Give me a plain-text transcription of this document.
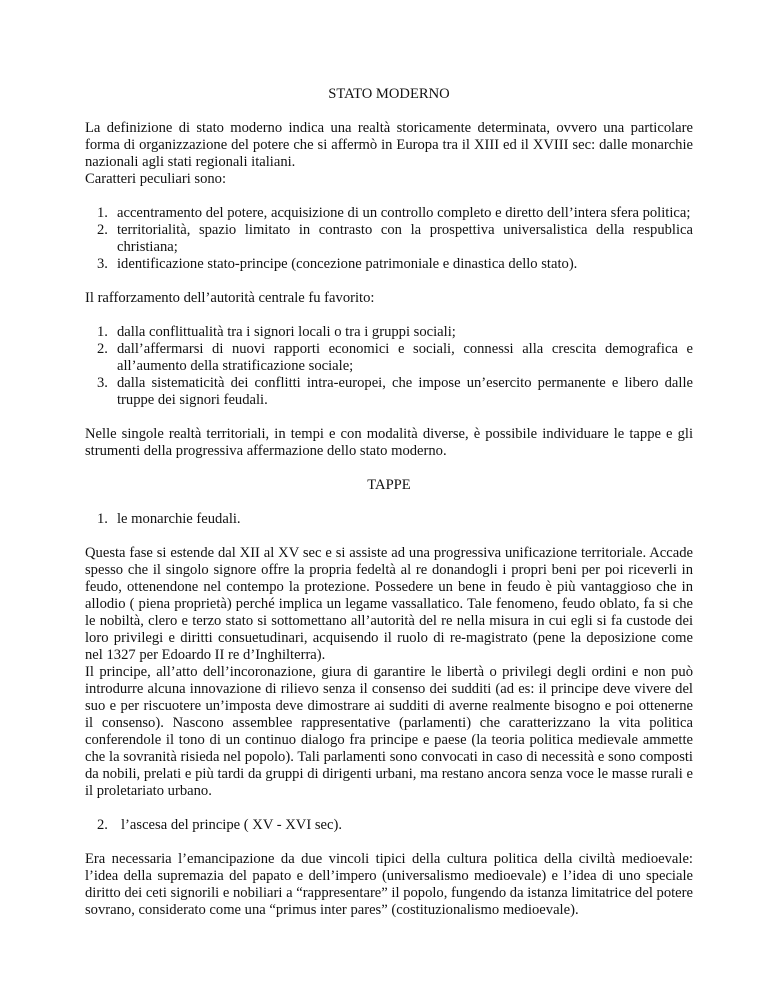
STATO MODERNO

La definizione di stato moderno indica una realtà storicamente determinata, ovvero una particolare forma di organizzazione del potere che si affermò in Europa tra il XIII ed il XVIII sec: dalle monarchie nazionali agli stati regionali italiani.

Caratteri peculiari sono:

1. accentramento del potere, acquisizione di un controllo completo e diretto dell’intera sfera politica;
2. territorialità, spazio limitato in contrasto con la prospettiva universalistica della respublica christiana;
3. identificazione stato-principe (concezione patrimoniale e dinastica dello stato).

Il rafforzamento dell’autorità centrale fu favorito:

1. dalla conflittualità tra i signori locali o tra i gruppi sociali;
2. dall’affermarsi di nuovi rapporti economici e sociali, connessi alla crescita demografica e all’aumento della stratificazione sociale;
3. dalla sistematicità dei conflitti intra-europei, che impose un’esercito permanente e libero dalle truppe dei signori feudali.

Nelle singole realtà territoriali, in tempi e con modalità diverse, è possibile individuare le tappe e gli strumenti della progressiva affermazione dello stato moderno.

TAPPE
1. le monarchie feudali.

Questa fase si estende dal XII al XV sec e si assiste ad una progressiva unificazione territoriale. Accade spesso che il singolo signore offre la propria fedeltà al re donandogli i propri beni per poi riceverli in feudo, ottenendone nel contempo la protezione. Possedere un bene in feudo è più vantaggioso che in allodio ( piena proprietà) perché implica un legame vassallatico. Tale fenomeno, feudo oblato, fa si che le nobiltà, clero e terzo stato si sottomettano all’autorità del re nella misura in cui egli si fa custode dei loro privilegi e diritti consuetudinari, acquisendo il ruolo di re-magistrato (pene la deposizione come nel 1327 per Edoardo II re d’Inghilterra).

Il principe, all’atto dell’incoronazione, giura di garantire le libertà o privilegi degli ordini e non può introdurre alcuna innovazione di rilievo senza il consenso dei sudditi (ad es: il principe deve vivere del suo e per riscuotere un’imposta deve dimostrare ai sudditi di averne realmente bisogno e poi ottenerne il consenso). Nascono assemblee rappresentative (parlamenti) che caratterizzano la vita politica conferendole il tono di un continuo dialogo fra principe e paese (la teoria politica medievale ammette che la sovranità risieda nel popolo). Tali parlamenti sono convocati in caso di necessità e sono composti da nobili, prelati e più tardi da gruppi di dirigenti urbani, ma restano ancora senza voce le masse rurali e il proletariato urbano.

2. l’ascesa del principe ( XV - XVI sec).

Era necessaria l’emancipazione da due vincoli tipici della cultura politica della civiltà medioevale: l’idea della supremazia del papato e dell’impero (universalismo medioevale) e l’idea di uno speciale diritto dei ceti signorili e nobiliari a “rappresentare” il popolo, fungendo da istanza limitatrice del potere sovrano, considerato come una “primus inter pares” (costituzionalismo medioevale).
